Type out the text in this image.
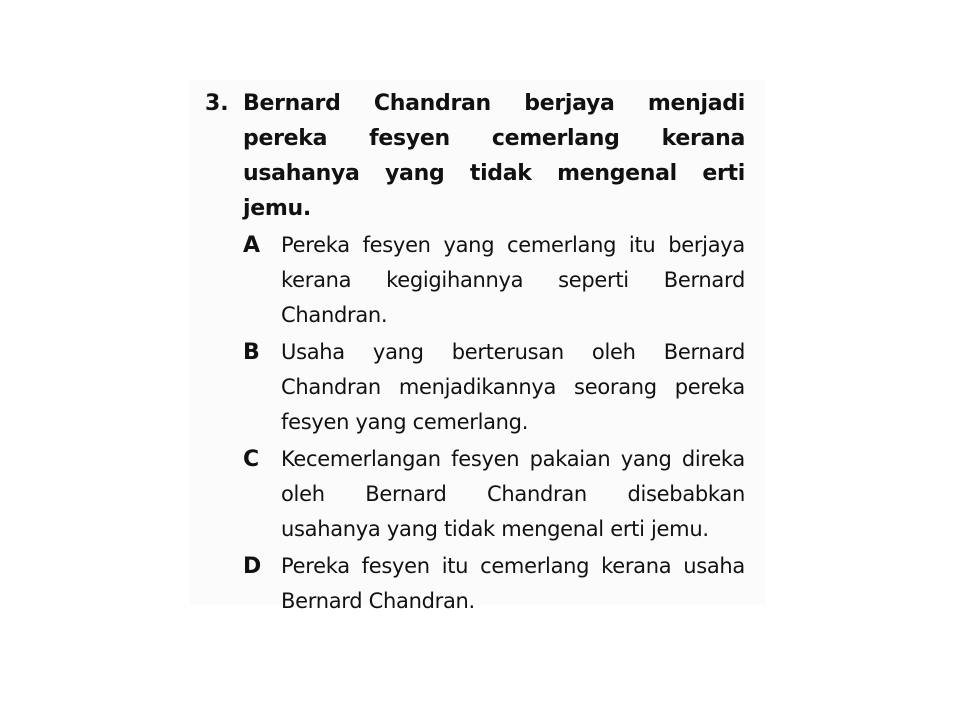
3. Bernard Chandran berjaya menjadi pereka fesyen cemerlang kerana usahanya yang tidak mengenal erti jemu.
A Pereka fesyen yang cemerlang itu berjaya kerana kegigihannya seperti Bernard Chandran.
B Usaha yang berterusan oleh Bernard Chandran menjadikannya seorang pereka fesyen yang cemerlang.
C Kecemerlangan fesyen pakaian yang direka oleh Bernard Chandran disebabkan usahanya yang tidak mengenal erti jemu.
D Pereka fesyen itu cemerlang kerana usaha Bernard Chandran.
